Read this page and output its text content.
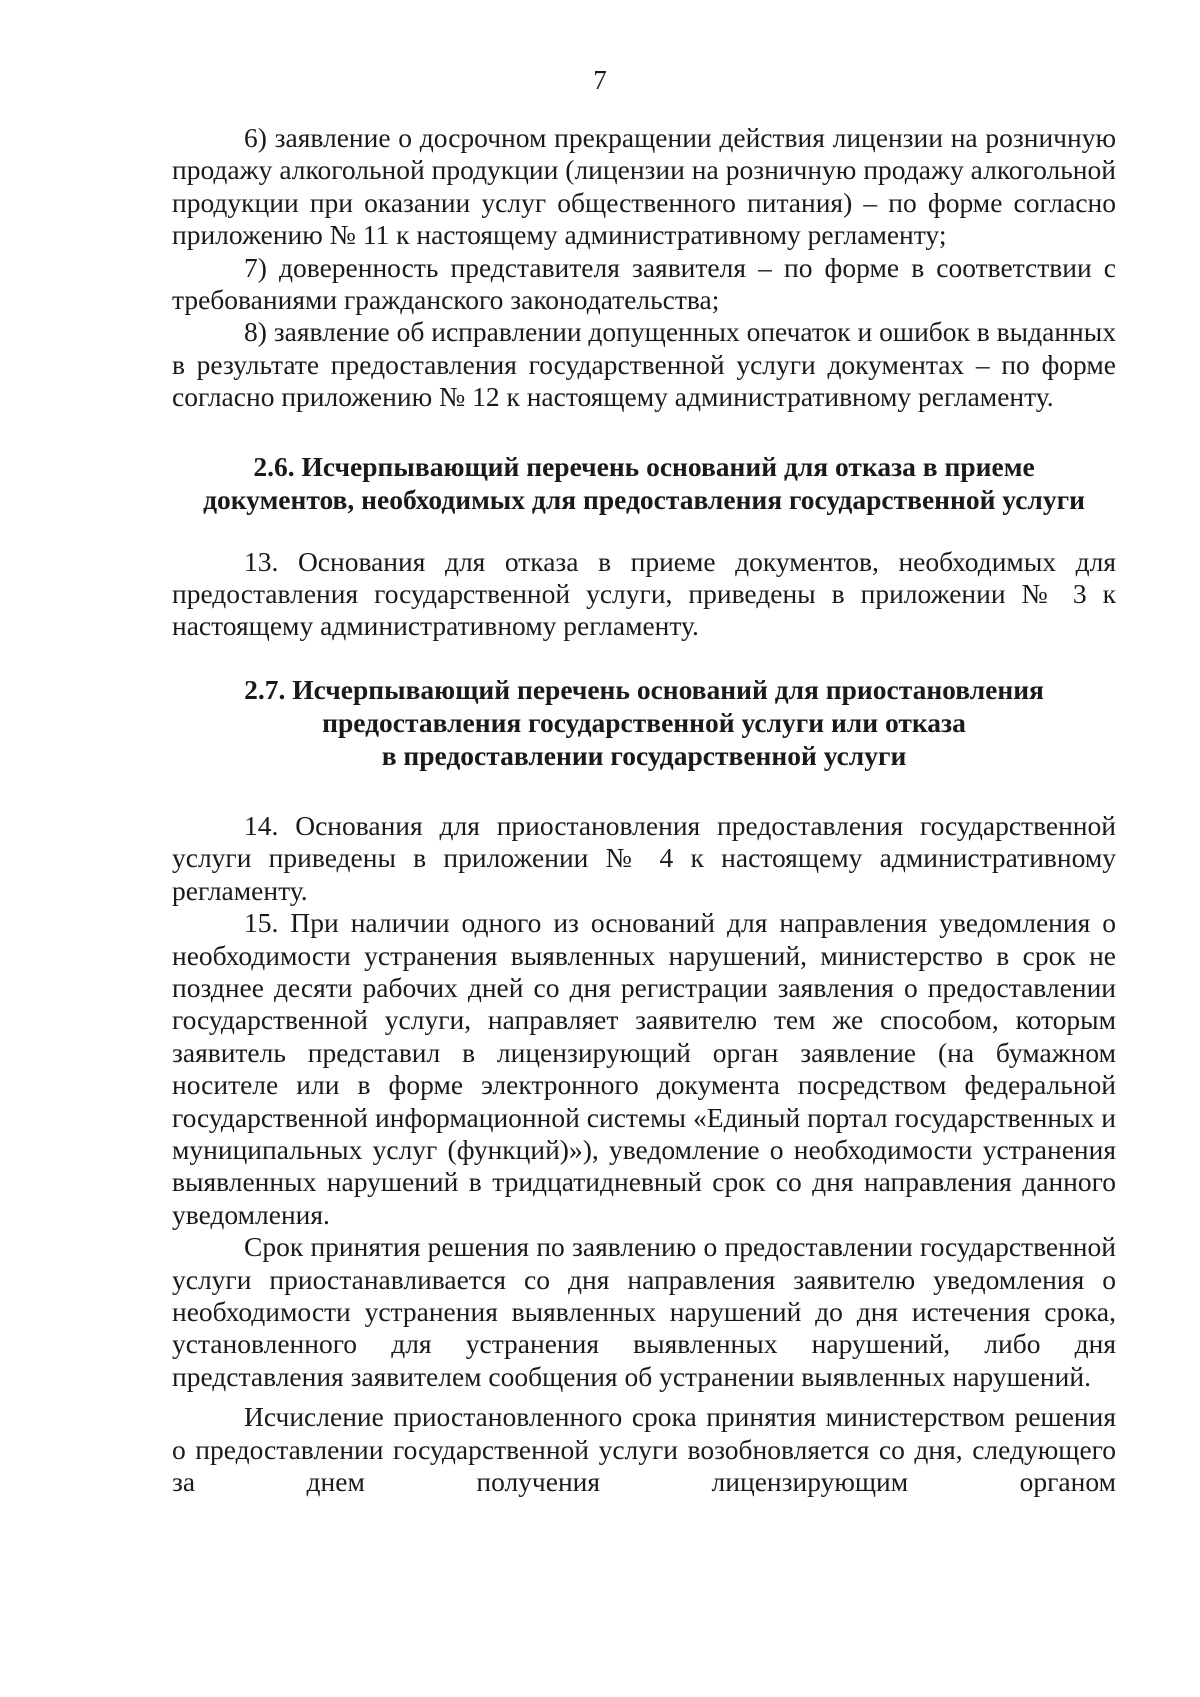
7

6) заявление о досрочном прекращении действия лицензии на розничную продажу алкогольной продукции (лицензии на розничную продажу алкогольной продукции при оказании услуг общественного питания) – по форме согласно приложению № 11 к настоящему административному регламенту;

7) доверенность представителя заявителя – по форме в соответствии с требованиями гражданского законодательства;

8) заявление об исправлении допущенных опечаток и ошибок в выданных в результате предоставления государственной услуги документах – по форме согласно приложению № 12 к настоящему административному регламенту.

2.6. Исчерпывающий перечень оснований для отказа в приеме
документов, необходимых для предоставления государственной услуги

13. Основания для отказа в приеме документов, необходимых для предоставления государственной услуги, приведены в приложении № 3 к настоящему административному регламенту.

2.7. Исчерпывающий перечень оснований для приостановления
предоставления государственной услуги или отказа
в предоставлении государственной услуги

14. Основания для приостановления предоставления государственной услуги приведены в приложении № 4 к настоящему административному регламенту.

15. При наличии одного из оснований для направления уведомления о необходимости устранения выявленных нарушений, министерство в срок не позднее десяти рабочих дней со дня регистрации заявления о предоставлении государственной услуги, направляет заявителю тем же способом, которым заявитель представил в лицензирующий орган заявление (на бумажном носителе или в форме электронного документа посредством федеральной государственной информационной системы «Единый портал государственных и муниципальных услуг (функций)»), уведомление о необходимости устранения выявленных нарушений в тридцатидневный срок со дня направления данного уведомления.

Срок принятия решения по заявлению о предоставлении государственной услуги приостанавливается со дня направления заявителю уведомления о необходимости устранения выявленных нарушений до дня истечения срока, установленного для устранения выявленных нарушений, либо дня представления заявителем сообщения об устранении выявленных нарушений.

Исчисление приостановленного срока принятия министерством решения о предоставлении государственной услуги возобновляется со дня, следующего за днем получения лицензирующим органом
